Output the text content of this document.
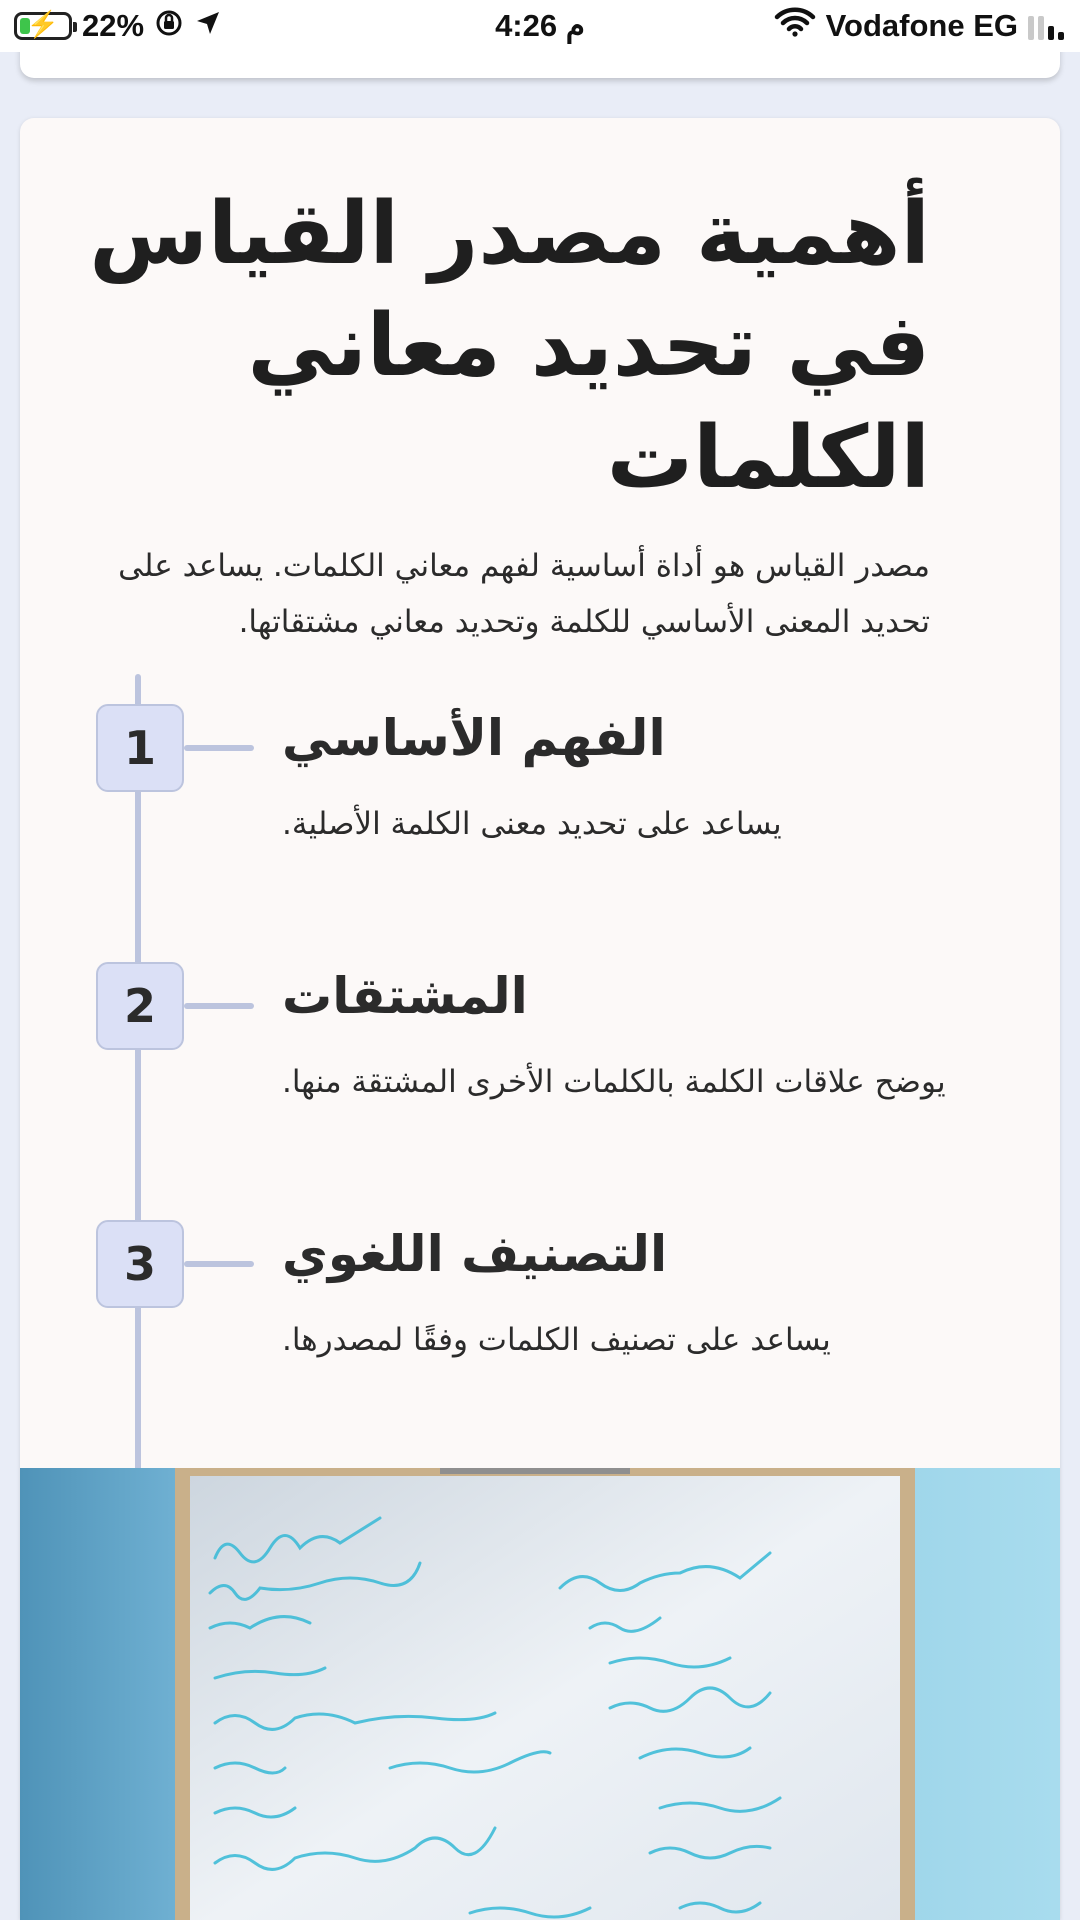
⚡ 22%	4:26 م	Vodafone EG
أهمية مصدر القياس في تحديد معاني الكلمات

مصدر القياس هو أداة أساسية لفهم معاني الكلمات. يساعد على تحديد المعنى الأساسي للكلمة وتحديد معاني مشتقاتها.

1	الفهم الأساسي
يساعد على تحديد معنى الكلمة الأصلية.
2	المشتقات
يوضح علاقات الكلمة بالكلمات الأخرى المشتقة منها.
3	التصنيف اللغوي
يساعد على تصنيف الكلمات وفقًا لمصدرها.
